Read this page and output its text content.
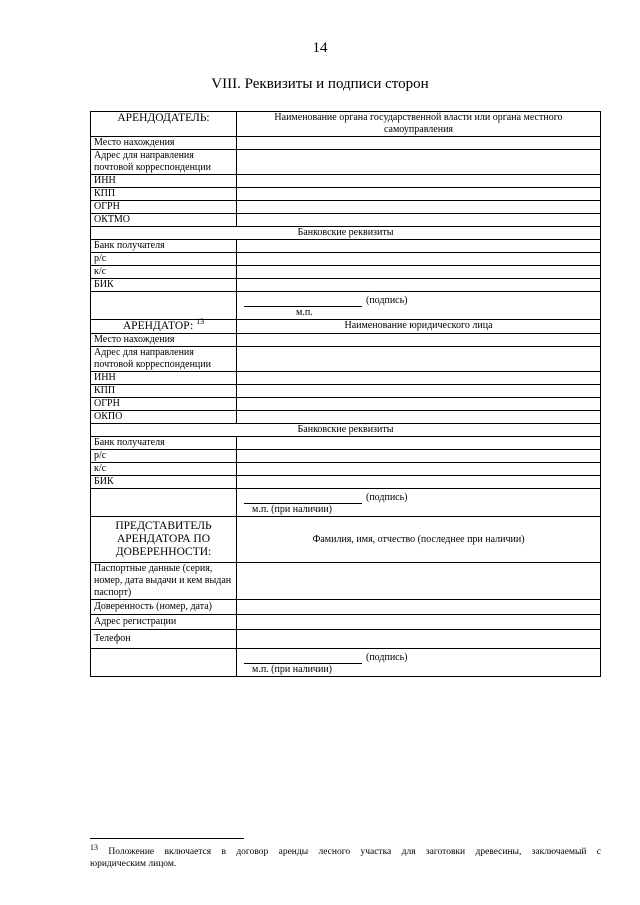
14
VIII. Реквизиты и подписи сторон
АРЕНДОДАТЕЛЬ:	Наименование органа государственной власти или органа местного самоуправления
Место нахождения	
Адрес для направления почтовой корреспонденции	
ИНН	
КПП	
ОГРН	
ОКТМО	
Банковские реквизиты	
Банк получателя	
р/с	
к/с	
БИК	

	(подпись)
м.п.

АРЕНДАТОР: $^{13}$	Наименование юридического лица
Место нахождения	
Адрес для направления почтовой корреспонденции	
ИНН	
КПП	
ОГРН	
ОКПО	
Банковские реквизиты	
Банк получателя	
р/с	
к/с	
БИК	

	(подпись)
м.п. (при наличии)

ПРЕДСТАВИТЕЛЬ АРЕНДАТОРА ПО ДОВЕРЕННОСТИ:	Фамилия, имя, отчество (последнее при наличии)
Паспортные данные (серия, номер, дата выдачи и кем выдан паспорт)	
Доверенность (номер, дата)	
Адрес регистрации	
Телефон	

	(подпись)
м.п. (при наличии)
$^{13}$ Положение включается в договор аренды лесного участка для заготовки древесины, заключаемый с
юридическим лицом.
